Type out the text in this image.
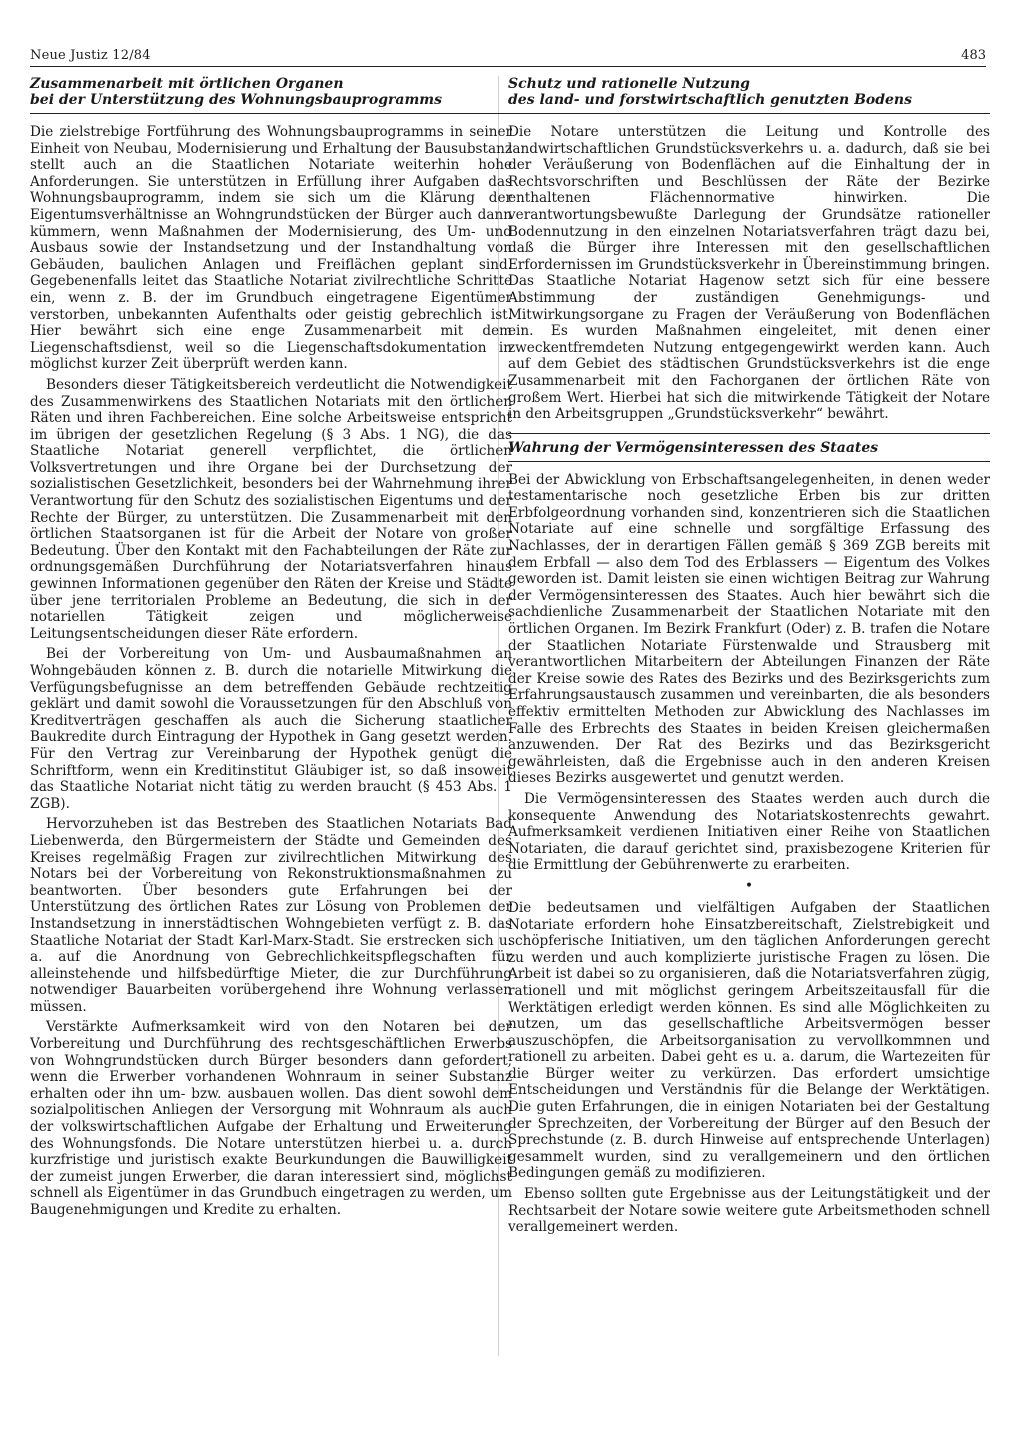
Neue Justiz 12/84	483
Zusammenarbeit mit örtlichen Organen
bei der Unterstützung des Wohnungsbauprogramms

Die zielstrebige Fortführung des Wohnungsbauprogramms in seiner Einheit von Neubau, Modernisierung und Erhaltung der Bausubstanz stellt auch an die Staatlichen Notariate weiterhin hohe Anforderungen. Sie unterstützen in Erfüllung ihrer Aufgaben das Wohnungsbauprogramm, indem sie sich um die Klärung der Eigentumsverhältnisse an Wohngrundstücken der Bürger auch dann kümmern, wenn Maßnahmen der Modernisierung, des Um- und Ausbaus sowie der Instandsetzung und der Instandhaltung von Gebäuden, baulichen Anlagen und Freiflächen geplant sind. Gegebenenfalls leitet das Staatliche Notariat zivilrechtliche Schritte ein, wenn z. B. der im Grundbuch eingetragene Eigentümer verstorben, unbekannten Aufenthalts oder geistig gebrechlich ist. Hier bewährt sich eine enge Zusammenarbeit mit dem Liegenschaftsdienst, weil so die Liegenschaftsdokumentation in möglichst kurzer Zeit überprüft werden kann.

Besonders dieser Tätigkeitsbereich verdeutlicht die Notwendigkeit des Zusammenwirkens des Staatlichen Notariats mit den örtlichen Räten und ihren Fachbereichen. Eine solche Arbeitsweise entspricht im übrigen der gesetzlichen Regelung (§ 3 Abs. 1 NG), die das Staatliche Notariat generell verpflichtet, die örtlichen Volksvertretungen und ihre Organe bei der Durchsetzung der sozialistischen Gesetzlichkeit, besonders bei der Wahrnehmung ihrer Verantwortung für den Schutz des sozialistischen Eigentums und der Rechte der Bürger, zu unterstützen. Die Zusammenarbeit mit den örtlichen Staatsorganen ist für die Arbeit der Notare von großer Bedeutung. Über den Kontakt mit den Fachabteilungen der Räte zur ordnungsgemäßen Durchführung der Notariatsverfahren hinaus gewinnen Informationen gegenüber den Räten der Kreise und Städte über jene territorialen Probleme an Bedeutung, die sich in der notariellen Tätigkeit zeigen und möglicherweise Leitungsentscheidungen dieser Räte erfordern.

Bei der Vorbereitung von Um- und Ausbaumaßnahmen an Wohngebäuden können z. B. durch die notarielle Mitwirkung die Verfügungsbefugnisse an dem betreffenden Gebäude rechtzeitig geklärt und damit sowohl die Voraussetzungen für den Abschluß von Kreditverträgen geschaffen als auch die Sicherung staatlicher Baukredite durch Eintragung der Hypothek in Gang gesetzt werden. Für den Vertrag zur Vereinbarung der Hypothek genügt die Schriftform, wenn ein Kreditinstitut Gläubiger ist, so daß insoweit das Staatliche Notariat nicht tätig zu werden braucht (§ 453 Abs. 1 ZGB).

Hervorzuheben ist das Bestreben des Staatlichen Notariats Bad Liebenwerda, den Bürgermeistern der Städte und Gemeinden des Kreises regelmäßig Fragen zur zivilrechtlichen Mitwirkung des Notars bei der Vorbereitung von Rekonstruktionsmaßnahmen zu beantworten. Über besonders gute Erfahrungen bei der Unterstützung des örtlichen Rates zur Lösung von Problemen der Instandsetzung in innerstädtischen Wohngebieten verfügt z. B. das Staatliche Notariat der Stadt Karl-Marx-Stadt. Sie erstrecken sich u. a. auf die Anordnung von Gebrechlichkeitspflegschaften für alleinstehende und hilfsbedürftige Mieter, die zur Durchführung notwendiger Bauarbeiten vorübergehend ihre Wohnung verlassen müssen.

Verstärkte Aufmerksamkeit wird von den Notaren bei der Vorbereitung und Durchführung des rechtsgeschäftlichen Erwerbs von Wohngrundstücken durch Bürger besonders dann gefordert, wenn die Erwerber vorhandenen Wohnraum in seiner Substanz erhalten oder ihn um- bzw. ausbauen wollen. Das dient sowohl dem sozialpolitischen Anliegen der Versorgung mit Wohnraum als auch der volkswirtschaftlichen Aufgabe der Erhaltung und Erweiterung des Wohnungsfonds. Die Notare unterstützen hierbei u. a. durch kurzfristige und juristisch exakte Beurkundungen die Bauwilligkeit der zumeist jungen Erwerber, die daran interessiert sind, möglichst schnell als Eigentümer in das Grundbuch eingetragen zu werden, um Baugenehmigungen und Kredite zu erhalten.

Schutz und rationelle Nutzung
des land- und forstwirtschaftlich genutzten Bodens

Die Notare unterstützen die Leitung und Kontrolle des landwirtschaftlichen Grundstücksverkehrs u. a. dadurch, daß sie bei der Veräußerung von Bodenflächen auf die Einhaltung der in Rechtsvorschriften und Beschlüssen der Räte der Bezirke enthaltenen Flächennormative hinwirken. Die verantwortungsbewußte Darlegung der Grundsätze rationeller Bodennutzung in den einzelnen Notariatsverfahren trägt dazu bei, daß die Bürger ihre Interessen mit den gesellschaftlichen Erfordernissen im Grundstücksverkehr in Übereinstimmung bringen. Das Staatliche Notariat Hagenow setzt sich für eine bessere Abstimmung der zuständigen Genehmigungs- und Mitwirkungsorgane zu Fragen der Veräußerung von Bodenflächen ein. Es wurden Maßnahmen eingeleitet, mit denen einer zweckentfremdeten Nutzung entgegengewirkt werden kann. Auch auf dem Gebiet des städtischen Grundstücksverkehrs ist die enge Zusammenarbeit mit den Fachorganen der örtlichen Räte von großem Wert. Hierbei hat sich die mitwirkende Tätigkeit der Notare in den Arbeitsgruppen „Grundstücksverkehr“ bewährt.

Wahrung der Vermögensinteressen des Staates

Bei der Abwicklung von Erbschaftsangelegenheiten, in denen weder testamentarische noch gesetzliche Erben bis zur dritten Erbfolgeordnung vorhanden sind, konzentrieren sich die Staatlichen Notariate auf eine schnelle und sorgfältige Erfassung des Nachlasses, der in derartigen Fällen gemäß § 369 ZGB bereits mit dem Erbfall — also dem Tod des Erblassers — Eigentum des Volkes geworden ist. Damit leisten sie einen wichtigen Beitrag zur Wahrung der Vermögensinteressen des Staates. Auch hier bewährt sich die sachdienliche Zusammenarbeit der Staatlichen Notariate mit den örtlichen Organen. Im Bezirk Frankfurt (Oder) z. B. trafen die Notare der Staatlichen Notariate Fürstenwalde und Strausberg mit verantwortlichen Mitarbeitern der Abteilungen Finanzen der Räte der Kreise sowie des Rates des Bezirks und des Bezirksgerichts zum Erfahrungsaustausch zusammen und vereinbarten, die als besonders effektiv ermittelten Methoden zur Abwicklung des Nachlasses im Falle des Erbrechts des Staates in beiden Kreisen gleichermaßen anzuwenden. Der Rat des Bezirks und das Bezirksgericht gewährleisten, daß die Ergebnisse auch in den anderen Kreisen dieses Bezirks ausgewertet und genutzt werden.

Die Vermögensinteressen des Staates werden auch durch die konsequente Anwendung des Notariatskostenrechts gewahrt. Aufmerksamkeit verdienen Initiativen einer Reihe von Staatlichen Notariaten, die darauf gerichtet sind, praxisbezogene Kriterien für die Ermittlung der Gebührenwerte zu erarbeiten.

•

Die bedeutsamen und vielfältigen Aufgaben der Staatlichen Notariate erfordern hohe Einsatzbereitschaft, Zielstrebigkeit und schöpferische Initiativen, um den täglichen Anforderungen gerecht zu werden und auch komplizierte juristische Fragen zu lösen. Die Arbeit ist dabei so zu organisieren, daß die Notariatsverfahren zügig, rationell und mit möglichst geringem Arbeitszeitausfall für die Werktätigen erledigt werden können. Es sind alle Möglichkeiten zu nutzen, um das gesellschaftliche Arbeitsvermögen besser auszuschöpfen, die Arbeitsorganisation zu vervollkommnen und rationell zu arbeiten. Dabei geht es u. a. darum, die Wartezeiten für die Bürger weiter zu verkürzen. Das erfordert umsichtige Entscheidungen und Verständnis für die Belange der Werktätigen. Die guten Erfahrungen, die in einigen Notariaten bei der Gestaltung der Sprechzeiten, der Vorbereitung der Bürger auf den Besuch der Sprechstunde (z. B. durch Hinweise auf entsprechende Unterlagen) gesammelt wurden, sind zu verallgemeinern und den örtlichen Bedingungen gemäß zu modifizieren.

Ebenso sollten gute Ergebnisse aus der Leitungstätigkeit und der Rechtsarbeit der Notare sowie weitere gute Arbeitsmethoden schnell verallgemeinert werden.
